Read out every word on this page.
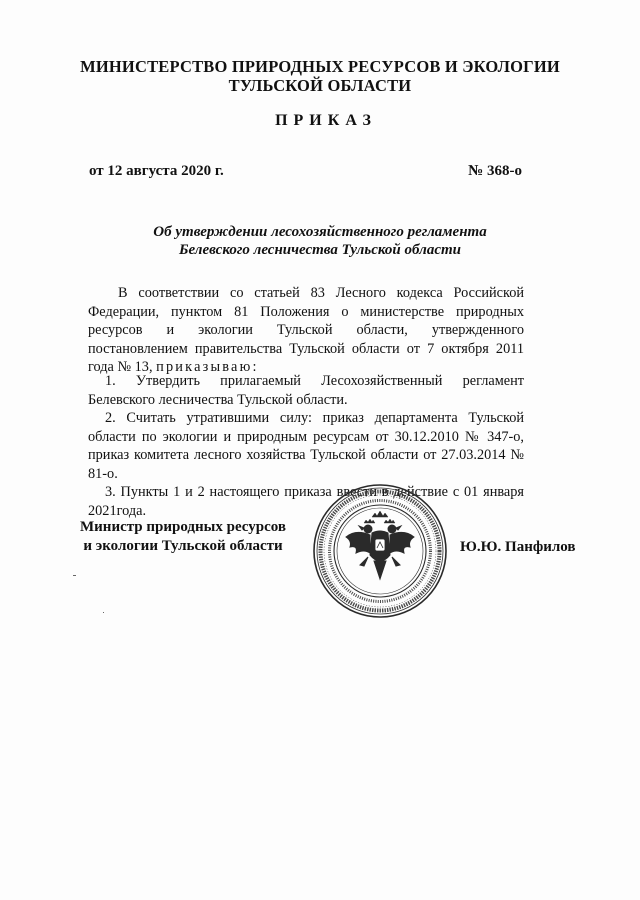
МИНИСТЕРСТВО ПРИРОДНЫХ РЕСУРСОВ И ЭКОЛОГИИ
ТУЛЬСКОЙ ОБЛАСТИ
ПРИКАЗ
от 12 августа 2020 г.	№ 368-о
Об утверждении лесохозяйственного регламента
Белевского лесничества Тульской области
В соответствии со статьей 83 Лесного кодекса Российской Федерации, пунктом 81 Положения о министерстве природных ресурсов и экологии Тульской области, утвержденного постановлением правительства Тульской области от 7 октября 2011 года № 13, приказываю:

1. Утвердить прилагаемый Лесохозяйственный регламент Белевского лесничества Тульской области.

2. Считать утратившими силу: приказ департамента Тульской области по экологии и природным ресурсам от 30.12.2010 № 347-о, приказ комитета лесного хозяйства Тульской области от 27.03.2014 № 81-о.

3. Пункты 1 и 2 настоящего приказа ввести в действие с 01 января 2021года.

Министр природных ресурсов
и экологии Тульской области	Ю.Ю. Панфилов
